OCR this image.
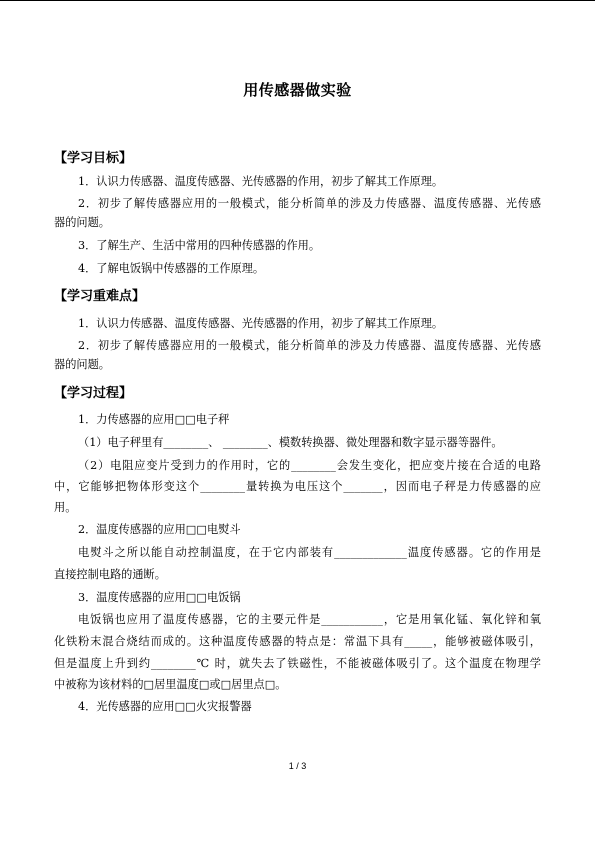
用传感器做实验
【学习目标】
1．认识力传感器、温度传感器、光传感器的作用，初步了解其工作原理。
2．初步了解传感器应用的一般模式，能分析简单的涉及力传感器、温度传感器、光传感
器的问题。
3．了解生产、生活中常用的四种传感器的作用。
4．了解电饭锅中传感器的工作原理。
【学习重难点】
1．认识力传感器、温度传感器、光传感器的作用，初步了解其工作原理。
2．初步了解传感器应用的一般模式，能分析简单的涉及力传感器、温度传感器、光传感
器的问题。
【学习过程】
1．力传感器的应用□□电子秤
（1）电子秤里有________、 ________、模数转换器、微处理器和数字显示器等器件。
（2）电阻应变片受到力的作用时，它的________会发生变化，把应变片接在合适的电路
中，它能够把物体形变这个________量转换为电压这个_______，因而电子秤是力传感器的应
用。
2．温度传感器的应用□□电熨斗
电熨斗之所以能自动控制温度，在于它内部装有_____________温度传感器。它的作用是
直接控制电路的通断。
3．温度传感器的应用□□电饭锅
电饭锅也应用了温度传感器，它的主要元件是___________，它是用氧化锰、氧化锌和氧
化铁粉末混合烧结而成的。这种温度传感器的特点是：常温下具有_____，能够被磁体吸引，
但是温度上升到约________℃ 时，就失去了铁磁性，不能被磁体吸引了。这个温度在物理学
中被称为该材料的□居里温度□或□居里点□。
4．光传感器的应用□□火灾报警器
1 / 3
